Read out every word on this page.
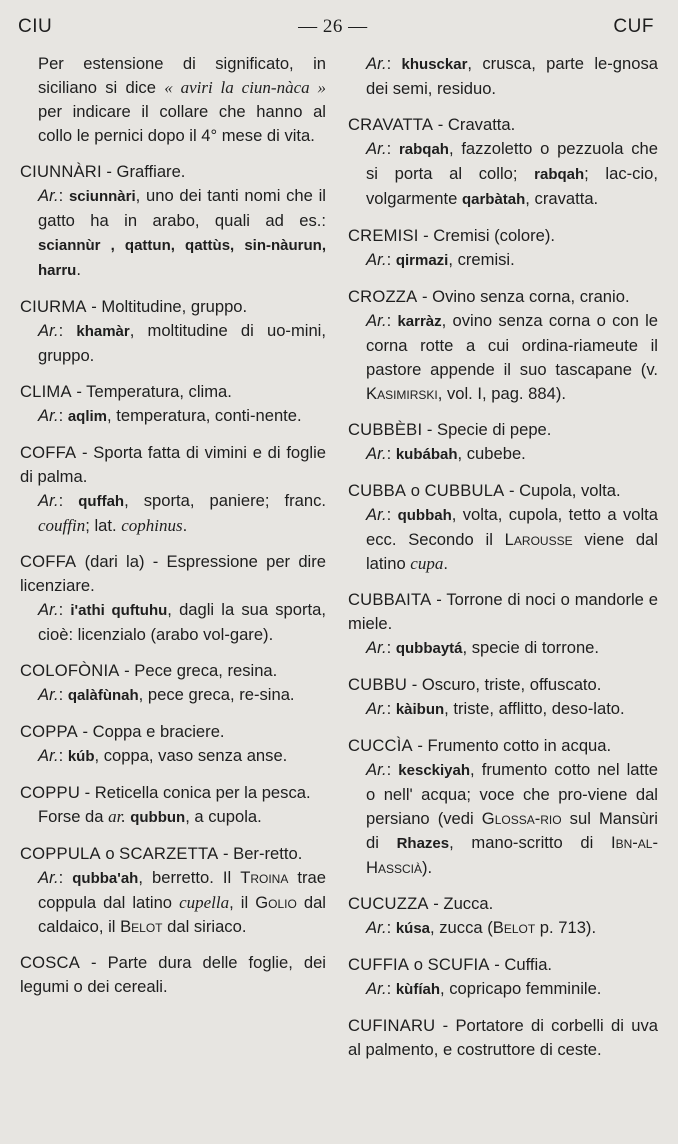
CIU	— 26 —	CUF

Per estensione di significato, in siciliano si dice « aviri la ciun-nàca » per indicare il collare che hanno al collo le pernici dopo il 4° mese di vita.

CIUNNÀRI - Graffiare.

Ar.: sciunnàri, uno dei tanti nomi che il gatto ha in arabo, quali ad es.: sciannùr , qattun, qattùs, sin-nàurun, harru.

CIURMA - Moltitudine, gruppo.

Ar.: khamàr, moltitudine di uo-mini, gruppo.

CLIMA - Temperatura, clima.

Ar.: aqlim, temperatura, conti-nente.

COFFA - Sporta fatta di vimini e di foglie di palma.

Ar.: quffah, sporta, paniere; franc. couffin; lat. cophinus.

COFFA (dari la) - Espressione per dire licenziare.

Ar.: i'athi quftuhu, dagli la sua sporta, cioè: licenzialo (arabo vol-gare).

COLOFÒNIA - Pece greca, resina.

Ar.: qalàfùnah, pece greca, re-sina.

COPPA - Coppa e braciere.

Ar.: kúb, coppa, vaso senza anse.

COPPU - Reticella conica per la pesca.

Forse da ar. qubbun, a cupola.

COPPULA o SCARZETTA - Ber-retto.

Ar.: qubba'ah, berretto. Il Troina trae coppula dal latino cupella, il Golio dal caldaico, il Belot dal siriaco.

COSCA - Parte dura delle foglie, dei legumi o dei cereali.

Ar.: khusckar, crusca, parte le-gnosa dei semi, residuo.

CRAVATTA - Cravatta.

Ar.: rabqah, fazzoletto o pezzuola che si porta al collo; rabqah; lac-cio, volgarmente qarbàtah, cravatta.

CREMISI - Cremisi (colore).

Ar.: qirmazi, cremisi.

CROZZA - Ovino senza corna, cranio.

Ar.: karràz, ovino senza corna o con le corna rotte a cui ordina-riameute il pastore appende il suo tascapane (v. Kasimirski, vol. I, pag. 884).

CUBBÈBI - Specie di pepe.

Ar.: kubábah, cubebe.

CUBBA o CUBBULA - Cupola, volta.

Ar.: qubbah, volta, cupola, tetto a volta ecc. Secondo il Larousse viene dal latino cupa.

CUBBAITA - Torrone di noci o mandorle e miele.

Ar.: qubbaytá, specie di torrone.

CUBBU - Oscuro, triste, offuscato.

Ar.: kàibun, triste, afflitto, deso-lato.

CUCCÌA - Frumento cotto in acqua.

Ar.: kesckiyah, frumento cotto nel latte o nell' acqua; voce che pro-viene dal persiano (vedi Glossa-rio sul Mansùri di Rhazes, mano-scritto di Ibn-al-Hasscià).

CUCUZZA - Zucca.

Ar.: kúsa, zucca (Belot p. 713).

CUFFIA o SCUFIA - Cuffia.

Ar.: kùfíah, copricapo femminile.

CUFINARU - Portatore di corbelli di uva al palmento, e costruttore di ceste.
